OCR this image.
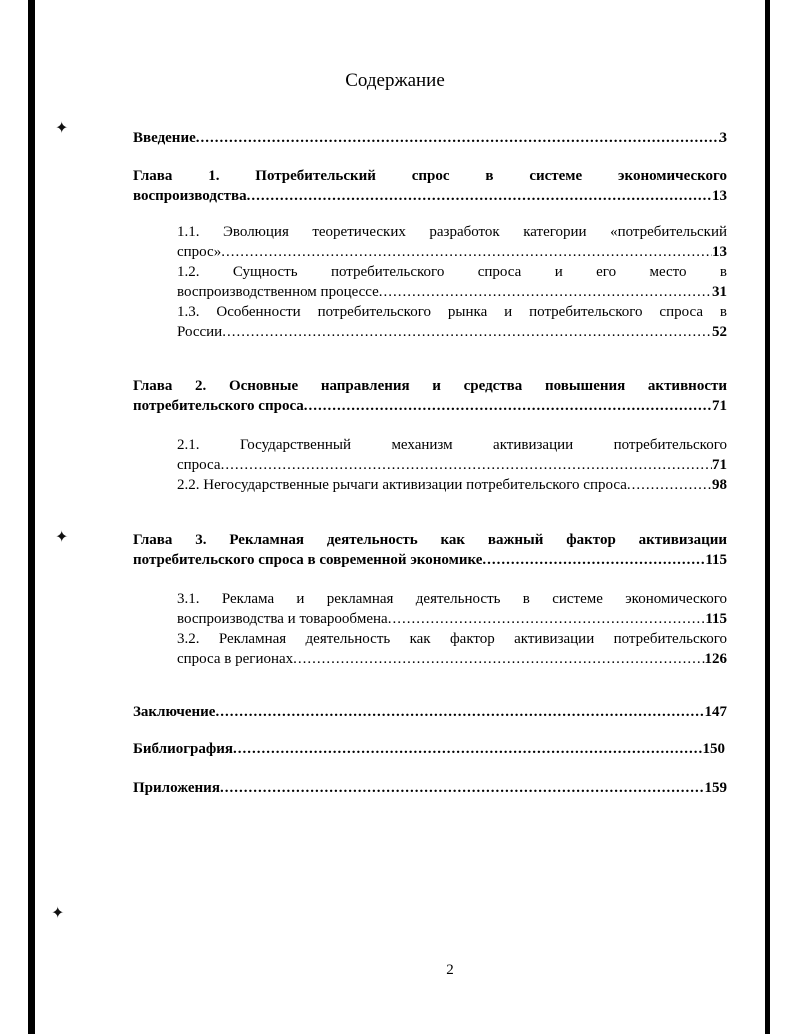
Содержание
✦
✦
✦
Введение .....	3
Глава 1. Потребительский спрос в системе экономического
воспроизводства .....	13
1.1. Эволюция теоретических разработок категории «потребительский
спрос» .....	13
1.2. Сущность потребительского спроса и его место в
воспроизводственном процессе .....	31
1.3. Особенности потребительского рынка и потребительского спроса в
России .....	52
Глава 2. Основные направления и средства повышения активности
потребительского спроса .....	71
2.1. Государственный механизм активизации потребительского
спроса .....	71
2.2. Негосударственные рычаги активизации потребительского спроса .....	98
Глава 3. Рекламная деятельность как важный фактор активизации
потребительского спроса в современной экономике .....	115
3.1. Реклама и рекламная деятельность в системе экономического
воспроизводства и товарообмена .....	115
3.2. Рекламная деятельность как фактор активизации потребительского
спроса в регионах .....	126
Заключение .....	147
Библиография .....	150
Приложения .....	159
2
